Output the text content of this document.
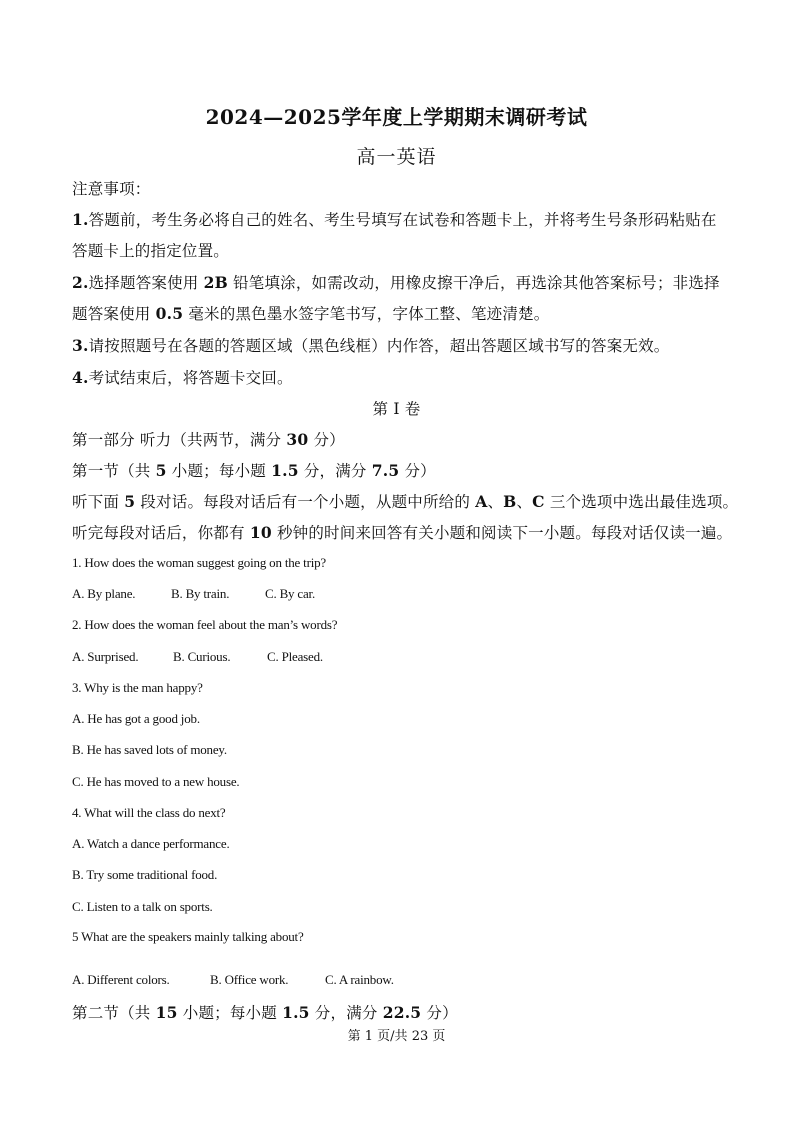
2024—2025学年度上学期期末调研考试
高一英语
注意事项：
1.答题前，考生务必将自己的姓名、考生号填写在试卷和答题卡上，并将考生号条形码粘贴在
答题卡上的指定位置。
2.选择题答案使用 2B 铅笔填涂，如需改动，用橡皮擦干净后，再选涂其他答案标号；非选择
题答案使用 0.5 毫米的黑色墨水签字笔书写，字体工整、笔迹清楚。
3.请按照题号在各题的答题区域（黑色线框）内作答，超出答题区域书写的答案无效。
4.考试结束后，将答题卡交回。
第 I 卷
第一部分 听力（共两节，满分 30 分）
第一节（共 5 小题；每小题 1.5 分，满分 7.5 分）
听下面 5 段对话。每段对话后有一个小题，从题中所给的 A、B、C 三个选项中选出最佳选项。
听完每段对话后，你都有 10 秒钟的时间来回答有关小题和阅读下一小题。每段对话仅读一遍。
1. How does the woman suggest going on the trip?
A. By plane.	B. By train.	C. By car.
2. How does the woman feel about the man’s words?
A. Surprised.	B. Curious.	C. Pleased.
3. Why is the man happy?
A. He has got a good job.
B. He has saved lots of money.
C. He has moved to a new house.
4. What will the class do next?
A. Watch a dance performance.
B. Try some traditional food.
C. Listen to a talk on sports.
5 What are the speakers mainly talking about?
A. Different colors.	B. Office work.	C. A rainbow.
第二节（共 15 小题；每小题 1.5 分，满分 22.5 分）
第 1 页/共 23 页
